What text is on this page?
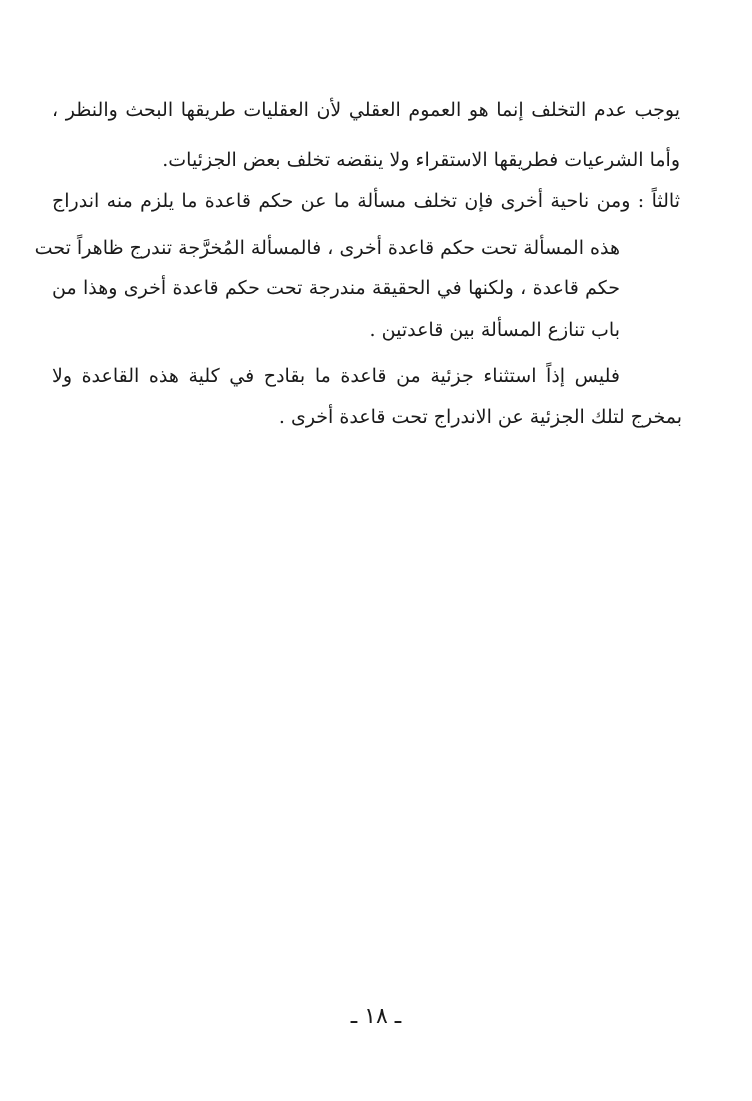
يوجب عدم التخلف إنما هو العموم العقلي لأن العقليات طريقها البحث والنظر ،
وأما الشرعيات فطريقها الاستقراء ولا ينقضه تخلف بعض الجزئيات.
ثالثاً : ومن ناحية أخرى فإن تخلف مسألة ما عن حكم قاعدة ما يلزم منه اندراج
هذه المسألة تحت حكم قاعدة أخرى ، فالمسألة المُخرَّجة تندرج ظاهراً تحت
حكم قاعدة ، ولكنها في الحقيقة مندرجة تحت حكم قاعدة أخرى وهذا من
باب تنازع المسألة بين قاعدتين .
فليس إذاً استثناء جزئية من قاعدة ما بقادح في كلية هذه القاعدة ولا
بمخرج لتلك الجزئية عن الاندراج تحت قاعدة أخرى .
ـ ١٨ ـ
